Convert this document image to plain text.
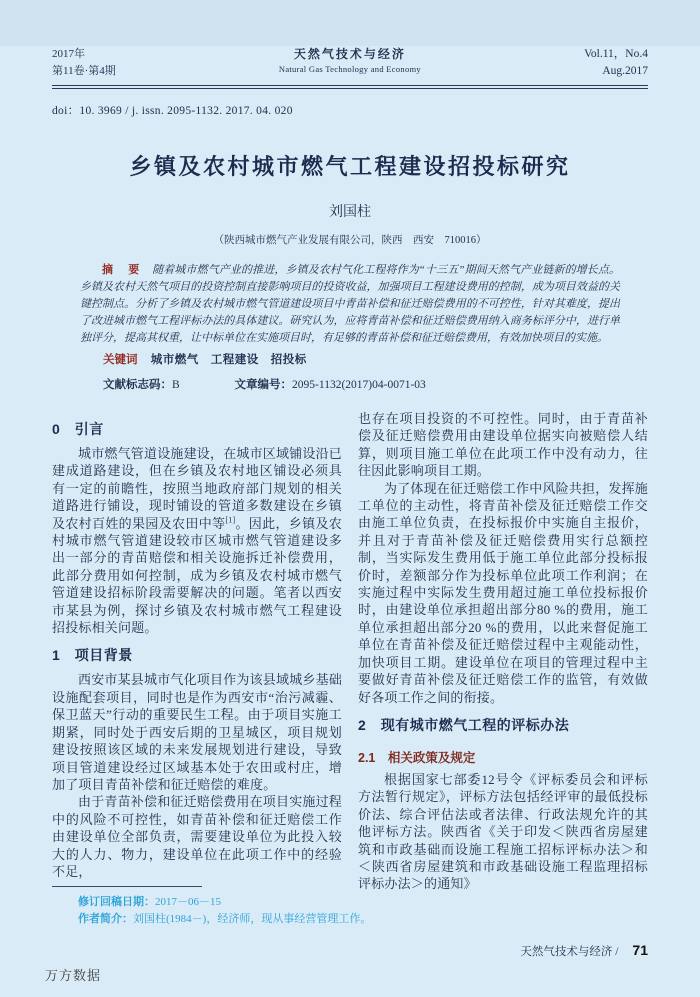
2017年
第11卷·第4期
天然气技术与经济
Natural Gas Technology and Economy
Vol.11，No.4
Aug.2017
doi：10. 3969 / j. issn. 2095-1132. 2017. 04. 020
乡镇及农村城市燃气工程建设招投标研究
刘国柱
（陕西城市燃气产业发展有限公司，陕西　西安　710016）

摘　要 随着城市燃气产业的推进，乡镇及农村气化工程将作为“十三五”期间天然气产业链新的增长点。乡镇及农村天然气项目的投资控制直接影响项目的投资收益，加强项目工程建设费用的控制，成为项目效益的关键控制点。分析了乡镇及农村城市燃气管道建设项目中青苗补偿和征迁赔偿费用的不可控性，针对其难度，提出了改进城市燃气工程评标办法的具体建议。研究认为，应将青苗补偿和征迁赔偿费用纳入商务标评分中，进行单独评分，提高其权重，让中标单位在实施项目时，有足够的青苗补偿和征迁赔偿费用，有效加快项目的实施。

关键词 城市燃气　工程建设　招投标
文献标志码：B	文章编号：2095-1132(2017)04-0071-03
0　引言

城市燃气管道设施建设，在城市区域铺设沿已建成道路建设，但在乡镇及农村地区铺设必须具有一定的前瞻性，按照当地政府部门规划的相关道路进行铺设，现时铺设的管道多数建设在乡镇及农村百姓的果园及农田中等[1]。因此，乡镇及农村城市燃气管道建设较市区城市燃气管道建设多出一部分的青苗赔偿和相关设施拆迁补偿费用，此部分费用如何控制，成为乡镇及农村城市燃气管道建设招标阶段需要解决的问题。笔者以西安市某县为例，探讨乡镇及农村城市燃气工程建设招投标相关问题。

1　项目背景

西安市某县城市气化项目作为该县域城乡基础设施配套项目，同时也是作为西安市“治污减霾、保卫蓝天”行动的重要民生工程。由于项目实施工期紧，同时处于西安后期的卫星城区，项目规划建设按照该区域的未来发展规划进行建设，导致项目管道建设经过区域基本处于农田或村庄，增加了项目青苗补偿和征迁赔偿的难度。

由于青苗补偿和征迁赔偿费用在项目实施过程中的风险不可控性，如青苗补偿和征迁赔偿工作由建设单位全部负责，需要建设单位为此投入较大的人力、物力，建设单位在此项工作中的经验不足，

修订回稿日期：2017－06－15
作者简介：刘国柱(1984－)，经济师，现从事经营管理工作。

也存在项目投资的不可控性。同时，由于青苗补偿及征迁赔偿费用由建设单位据实向被赔偿人结算，则项目施工单位在此项工作中没有动力，往往因此影响项目工期。

为了体现在征迁赔偿工作中风险共担，发挥施工单位的主动性，将青苗补偿及征迁赔偿工作交由施工单位负责，在投标报价中实施自主报价，并且对于青苗补偿及征迁赔偿费用实行总额控制，当实际发生费用低于施工单位此部分投标报价时，差额部分作为投标单位此项工作利润；在实施过程中实际发生费用超过施工单位投标报价时，由建设单位承担超出部分80 %的费用，施工单位承担超出部分20 %的费用，以此来督促施工单位在青苗补偿及征迁赔偿过程中主观能动性，加快项目工期。建设单位在项目的管理过程中主要做好青苗补偿及征迁赔偿工作的监管，有效做好各项工作之间的衔接。

2　现有城市燃气工程的评标办法
2.1　相关政策及规定

根据国家七部委12号令《评标委员会和评标方法暂行规定》，评标方法包括经评审的最低投标价法、综合评估法或者法律、行政法规允许的其他评标方法。陕西省《关于印发＜陕西省房屋建筑和市政基础而设施工程施工招标评标办法＞和＜陕西省房屋建筑和市政基础设施工程监理招标评标办法＞的通知》

天然气技术与经济 / 71
万方数据
